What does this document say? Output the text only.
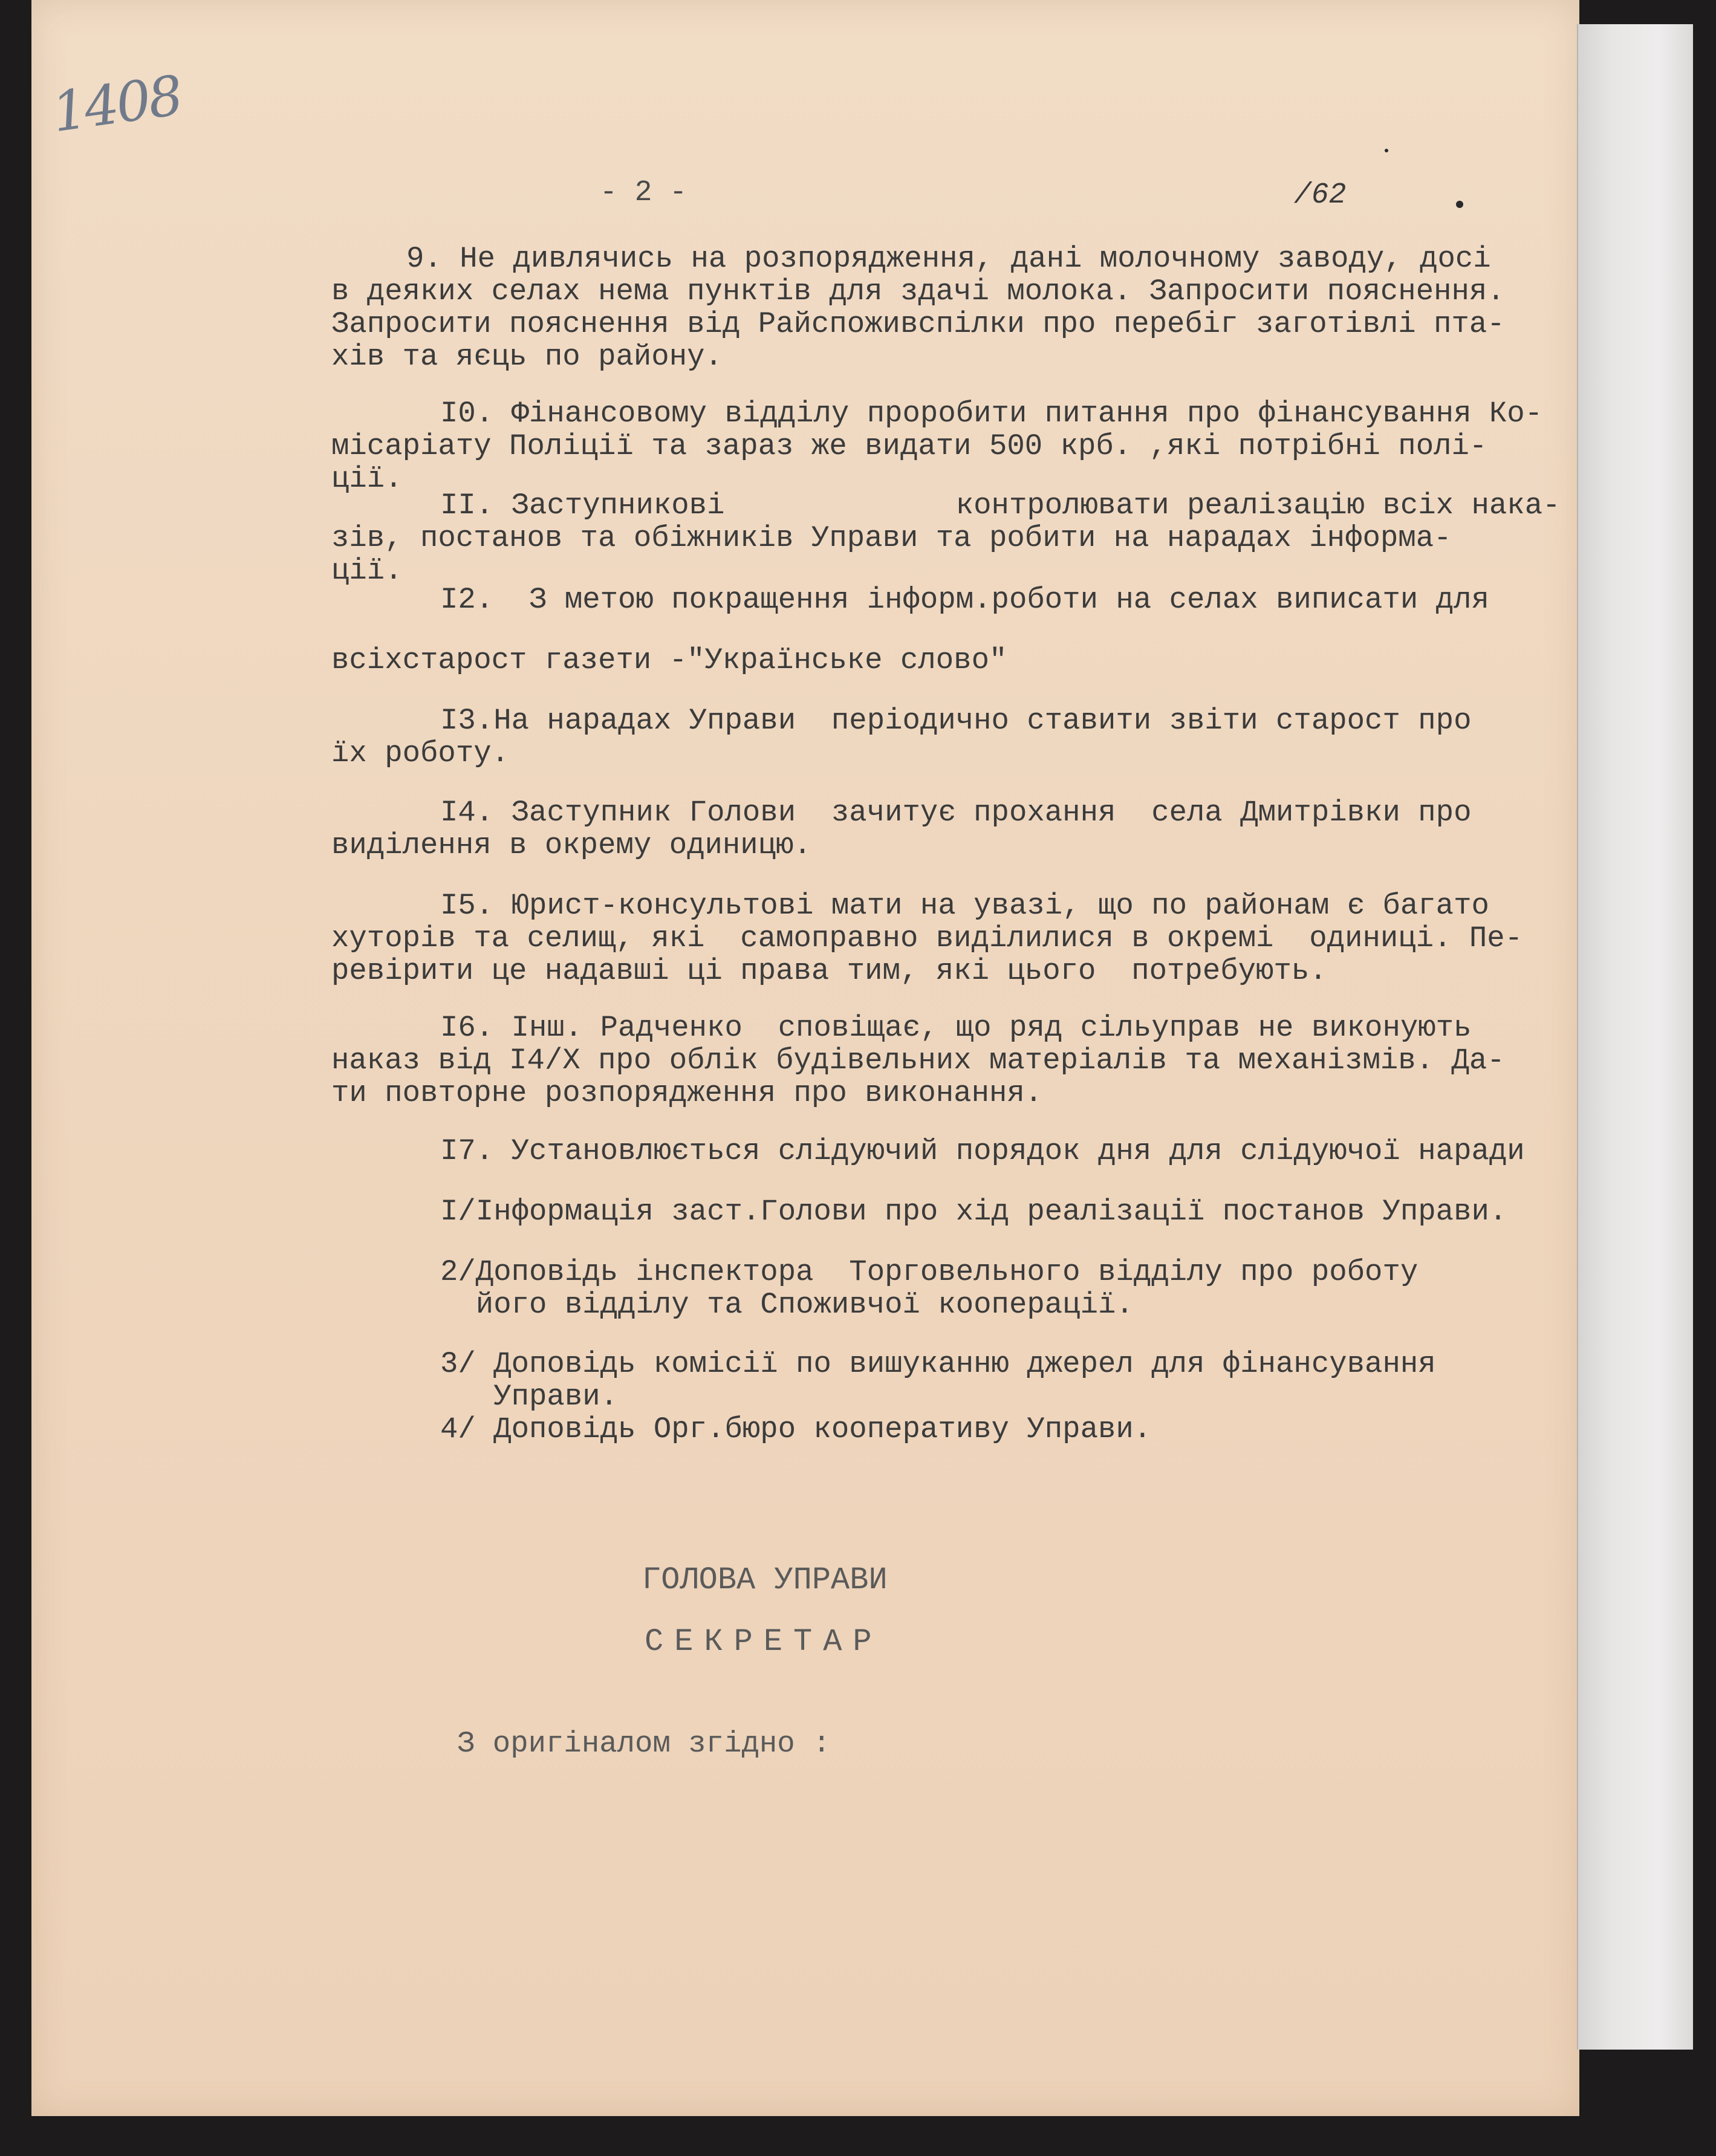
1408
- 2 -	/62
9. Не дивлячись на розпорядження, дані молочному заводу, досі
в деяких селах нема пунктів для здачі молока. Запросити пояснення.
Запросити пояснення від Райспоживспілки про перебіг заготівлі пта-
хів та яєць по району.
І0. Фінансовому відділу проробити питання про фінансування Ко-
місаріату Поліції та зараз же видати 500 крб. ,які потрібні полі-
ції.
ІІ. Заступникові             контролювати реалізацію всіх нака-
зів, постанов та обіжників Управи та робити на нарадах інформа-
ції.
І2.  З метою покращення інформ.роботи на селах виписати для
всіхстарост газети -"Українське слово"
І3.На нарадах Управи  періодично ставити звіти старост про
їх роботу.
І4. Заступник Голови  зачитує прохання  села Дмитрівки про
виділення в окрему одиницю.
І5. Юрист-консультові мати на увазі, що по районам є багато
хуторів та селищ, які  самоправно виділилися в окремі  одиниці. Пе-
ревірити це надавші ці права тим, які цього  потребують.
І6. Інш. Радченко  сповіщає, що ряд сільуправ не виконують
наказ від І4/Х про облік будівельних матеріалів та механізмів. Да-
ти повторне розпорядження про виконання.
І7. Установлюється слідуючий порядок дня для слідуючої наради
І/Інформація заст.Голови про хід реалізації постанов Управи.
2/Доповідь інспектора  Торговельного відділу про роботу
його відділу та Споживчої кооперації.
3/ Доповідь комісії по вишуканню джерел для фінансування
Управи.
4/ Доповідь Орг.бюро кооперативу Управи.
ГОЛОВА УПРАВИ
СЕКРЕТАР
З оригіналом згідно :
